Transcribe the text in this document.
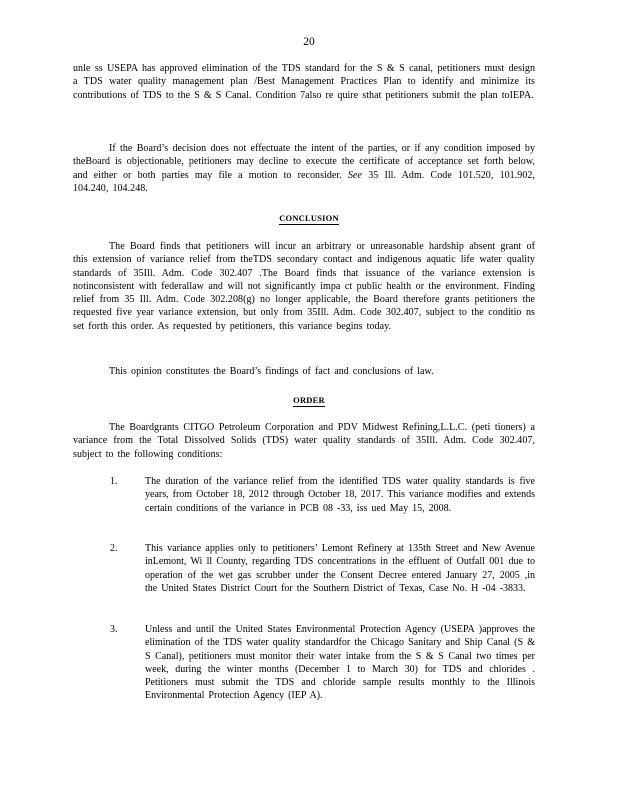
20

unle ss USEPA has approved elimination of the TDS standard for the S & S canal, petitioners must design a TDS water quality management plan /Best Management Practices Plan to identify and minimize its contributions of TDS to the S & S Canal. Condition 7also re quire sthat petitioners submit the plan toIEPA.

If the Board’s decision does not effectuate the intent of the parties, or if any condition imposed by theBoard is objectionable, petitioners may decline to execute the certificate of acceptance set forth below, and either or both parties may file a motion to reconsider. See 35 Ill. Adm. Code 101.520, 101.902, 104.240, 104.248.

CONCLUSION

The Board finds that petitioners will incur an arbitrary or unreasonable hardship absent grant of this extension of variance relief from theTDS secondary contact and indigenous aquatic life water quality standards of 35Ill. Adm. Code 302.407 .The Board finds that issuance of the variance extension is notinconsistent with federallaw and will not significantly impa ct public health or the environment. Finding relief from 35 Ill. Adm. Code 302.208(g) no longer applicable, the Board therefore grants petitioners the requested five year variance extension, but only from 35Ill. Adm. Code 302.407, subject to the conditio ns set forth this order. As requested by petitioners, this variance begins today.

This opinion constitutes the Board’s findings of fact and conclusions of law.

ORDER

The Boardgrants CITGO Petroleum Corporation and PDV Midwest Refining,L.L.C. (peti tioners) a variance from the Total Dissolved Solids (TDS) water quality standards of 35Ill. Adm. Code 302.407, subject to the following conditions:

1.	The duration of the variance relief from the identified TDS water quality standards is five years, from October 18, 2012 through October 18, 2017. This variance modifies and extends certain conditions of the variance in PCB 08 -33, iss ued May 15, 2008.
2.	This variance applies only to petitioners’ Lemont Refinery at 135th Street and New Avenue inLemont, Wi ll County, regarding TDS concentrations in the effluent of Outfall 001 due to operation of the wet gas scrubber under the Consent Decree entered January 27, 2005 ,in the United States District Court for the Southern District of Texas, Case No. H -04 -3833.
3.	Unless and until the United States Environmental Protection Agency (USEPA )approves the elimination of the TDS water quality standardfor the Chicago Sanitary and Ship Canal (S & S Canal), petitioners must monitor their water intake from the S & S Canal two times per week, during the winter months (December 1 to March 30) for TDS and chlorides . Petitioners must submit the TDS and chloride sample results monthly to the Illinois Environmental Protection Agency (IEP A).
